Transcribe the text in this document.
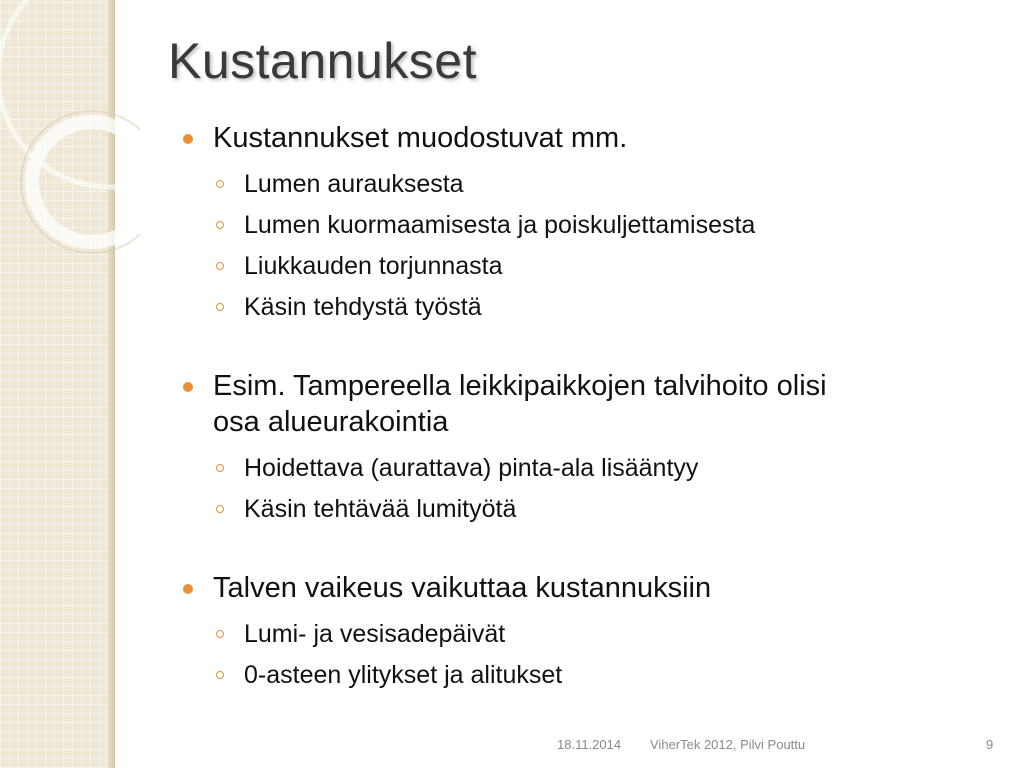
Kustannukset
Kustannukset muodostuvat mm.
Lumen aurauksesta
Lumen kuormaamisesta ja poiskuljettamisesta
Liukkauden torjunnasta
Käsin tehdystä työstä
Esim. Tampereella leikkipaikkojen talvihoito olisi
osa alueurakointia
Hoidettava (aurattava) pinta-ala lisääntyy
Käsin tehtävää lumityötä
Talven vaikeus vaikuttaa kustannuksiin
Lumi- ja vesisadepäivät
0-asteen ylitykset ja alitukset
18.11.2014 ViherTek 2012, Pilvi Pouttu	9
